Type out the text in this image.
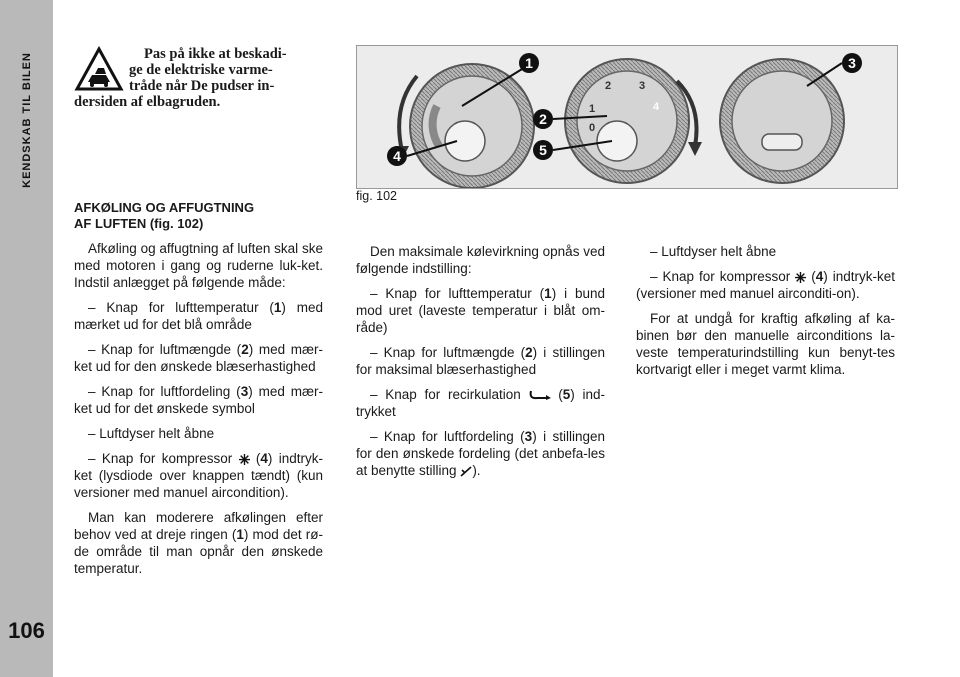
KENDSKAB TIL BILEN
106

Pas på ikke at beskadi-
ge de elektriske varme-
tråde når De pudser in-
dersiden af elbagruden.

0
1
2	3
4
1
2
3
4	5
fig. 102

AFKØLING OG AFFUGTNING
AF LUFTEN (fig. 102)

Afkøling og affugtning af luften skal ske med motoren i gang og ruderne luk-ket. Indstil anlægget på følgende måde:

– Knap for lufttemperatur (1) med mærket ud for det blå område

– Knap for luftmængde (2) med mær-ket ud for den ønskede blæserhastighed

– Knap for luftfordeling (3) med mær-ket ud for det ønskede symbol

– Luftdyser helt åbne

– Knap for kompressor  (4) indtryk-ket (lysdiode over knappen tændt) (kun versioner med manuel aircondition).

Man kan moderere afkølingen efter behov ved at dreje ringen (1) mod det rø-de område til man opnår den ønskede temperatur.

Den maksimale kølevirkning opnås ved følgende indstilling:

– Knap for lufttemperatur (1) i bund mod uret (laveste temperatur i blåt om-råde)

– Knap for luftmængde (2) i stillingen for maksimal blæserhastighed

– Knap for recirkulation  (5) ind-trykket

– Knap for luftfordeling (3) i stillingen for den ønskede fordeling (det anbefa-les at benytte stilling ).

– Luftdyser helt åbne

– Knap for kompressor  (4) indtryk-ket (versioner med manuel airconditi-on).

For at undgå for kraftig afkøling af ka-binen bør den manuelle airconditions la-veste temperaturindstilling kun benyt-tes kortvarigt eller i meget varmt klima.
